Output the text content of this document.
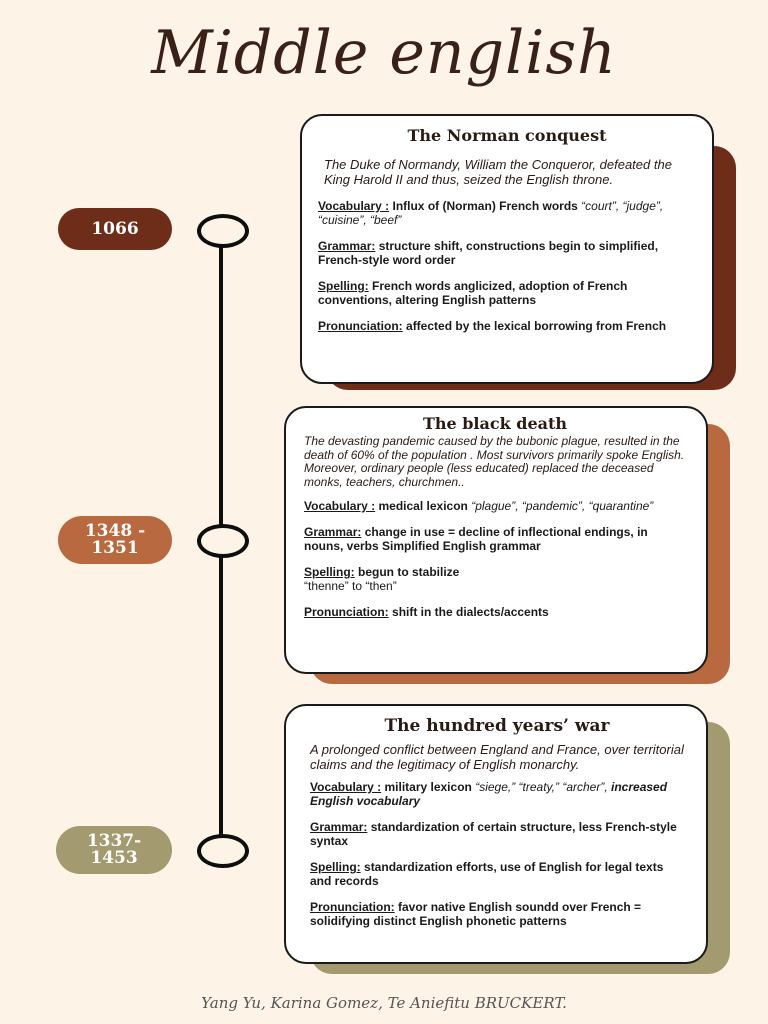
Middle english
1066
1348 -
1351
1337-
1453
The Norman conquest
The Duke of Normandy, William the Conqueror, defeated the King Harold II and thus, seized the English throne.
Vocabulary : Influx of (Norman) French words “court”, “judge”, “cuisine”, “beef”
Grammar: structure shift, constructions begin to simplified, French-style word order
Spelling: French words anglicized, adoption of French conventions, altering English patterns
Pronunciation: affected by the lexical borrowing from French
The black death
The devasting pandemic caused by the bubonic plague, resulted in the death of 60% of the population . Most survivors primarily spoke English. Moreover, ordinary people (less educated) replaced the deceased monks, teachers, churchmen..
Vocabulary : medical lexicon “plague”, “pandemic”, “quarantine”
Grammar: change in use = decline of inflectional endings, in nouns, verbs Simplified English grammar
Spelling: begun to stabilize
“thenne” to “then”
Pronunciation: shift in the dialects/accents
The hundred years’ war
A prolonged conflict between England and France, over territorial claims and the legitimacy of English monarchy.
Vocabulary : military lexicon “siege,” “treaty,” “archer”, increased English vocabulary
Grammar: standardization of certain structure, less French-style syntax
Spelling: standardization efforts, use of English for legal texts and records
Pronunciation: favor native English soundd over French = solidifying distinct English phonetic patterns
Yang Yu, Karina Gomez, Te Aniefitu BRUCKERT.
